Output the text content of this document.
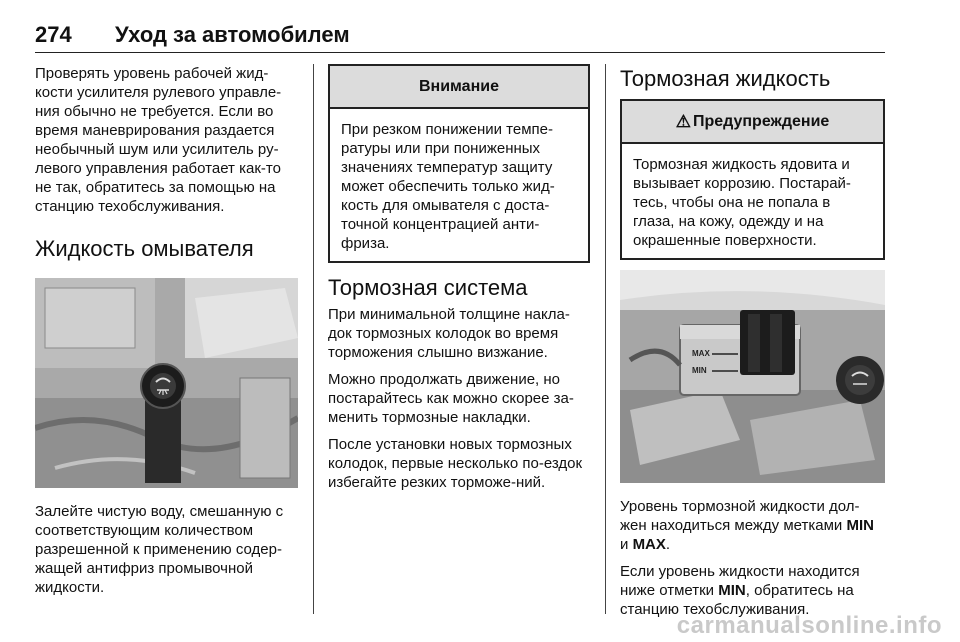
274 Уход за автомобилем

Проверять уровень рабочей жид-кости усилителя рулевого управле-ния обычно не требуется. Если во время маневрирования раздается необычный шум или усилитель ру-левого управления работает как-то не так, обратитесь за помощью на станцию техобслуживания.

Жидкость омывателя

Залейте чистую воду, смешанную с соответствующим количеством разрешенной к применению содер-жащей антифриз промывочной жидкости.

Внимание
При резком понижении темпе-ратуры или при пониженных значениях температур защиту может обеспечить только жид-кость для омывателя с доста-точной концентрацией анти-фриза.
Тормозная система

При минимальной толщине накла-док тормозных колодок во время торможения слышно визжание.

Можно продолжать движение, но постарайтесь как можно скорее за-менить тормозные накладки.

После установки новых тормозных колодок, первые несколько по-ездок избегайте резких торможе-ний.

Тормозная жидкость
⚠ Предупреждение
Тормозная жидкость ядовита и вызывает коррозию. Постарай-тесь, чтобы она не попала в глаза, на кожу, одежду и на окрашенные поверхности.
MAX
MIN

Уровень тормозной жидкости дол-жен находиться между метками MIN и MAX.

Если уровень жидкости находится ниже отметки MIN, обратитесь на станцию техобслуживания.

carmanualsonline.info
